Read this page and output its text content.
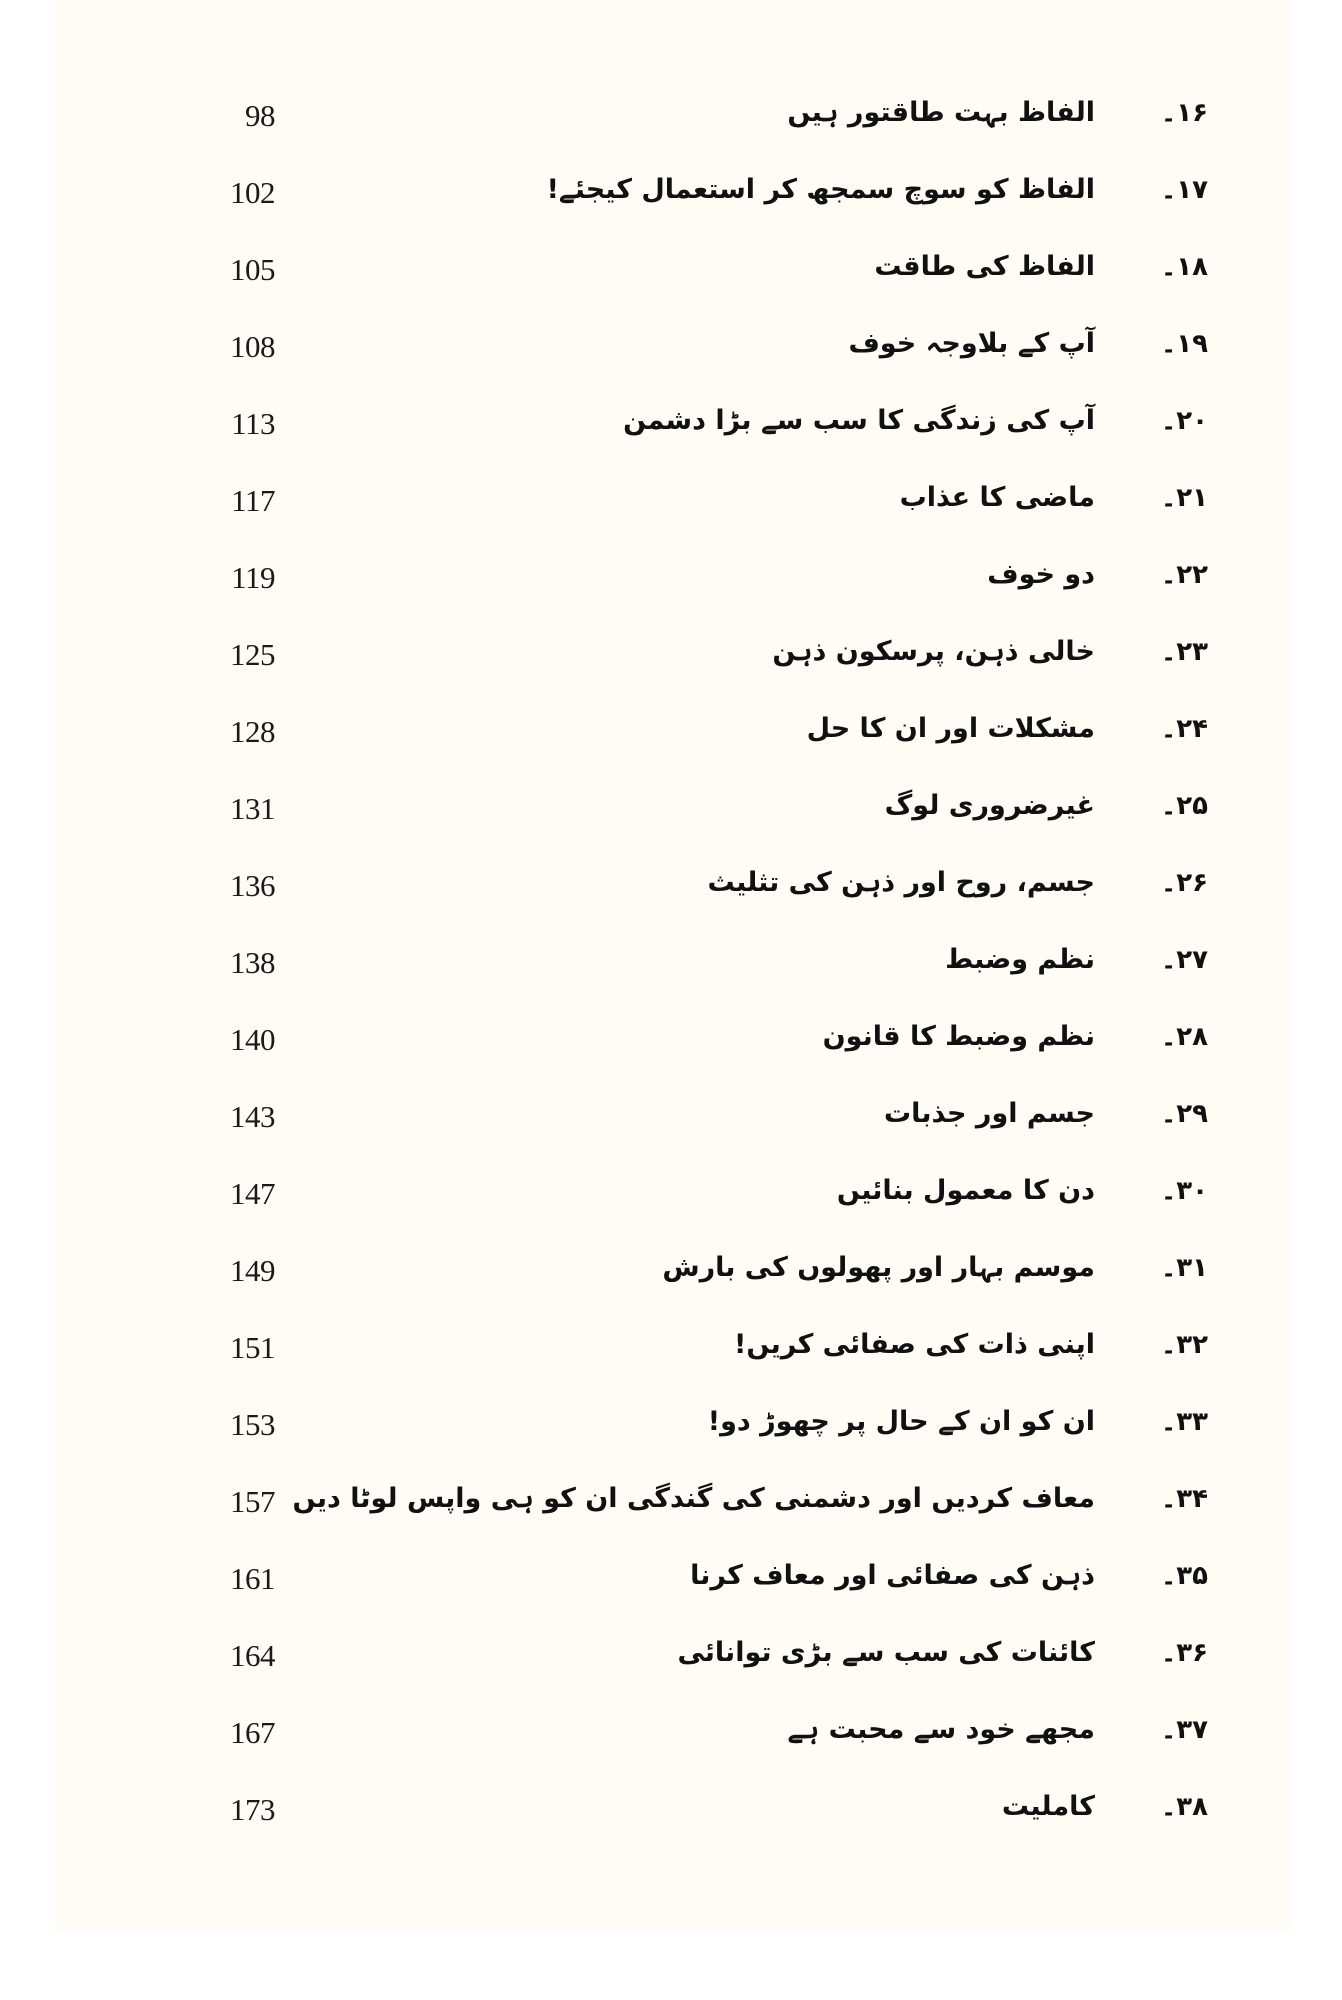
98	الفاظ بہت طاقتور ہیں	۱۶۔
102	الفاظ کو سوچ سمجھ کر استعمال کیجئے!	۱۷۔
105	الفاظ کی طاقت	۱۸۔
108	آپ کے بلاوجہ خوف	۱۹۔
113	آپ کی زندگی کا سب سے بڑا دشمن	۲۰۔
117	ماضی کا عذاب	۲۱۔
119	دو خوف	۲۲۔
125	خالی ذہن، پرسکون ذہن	۲۳۔
128	مشکلات اور ان کا حل	۲۴۔
131	غیرضروری لوگ	۲۵۔
136	جسم، روح اور ذہن کی تثلیث	۲۶۔
138	نظم وضبط	۲۷۔
140	نظم وضبط کا قانون	۲۸۔
143	جسم اور جذبات	۲۹۔
147	دن کا معمول بنائیں	۳۰۔
149	موسم بہار اور پھولوں کی بارش	۳۱۔
151	اپنی ذات کی صفائی کریں!	۳۲۔
153	ان کو ان کے حال پر چھوڑ دو!	۳۳۔
157 معاف کردیں اور دشمنی کی گندگی ان کو ہی واپس لوٹا دیں	۳۴۔
161	ذہن کی صفائی اور معاف کرنا	۳۵۔
164	کائنات کی سب سے بڑی توانائی	۳۶۔
167	مجھے خود سے محبت ہے	۳۷۔
173	کاملیت	۳۸۔
